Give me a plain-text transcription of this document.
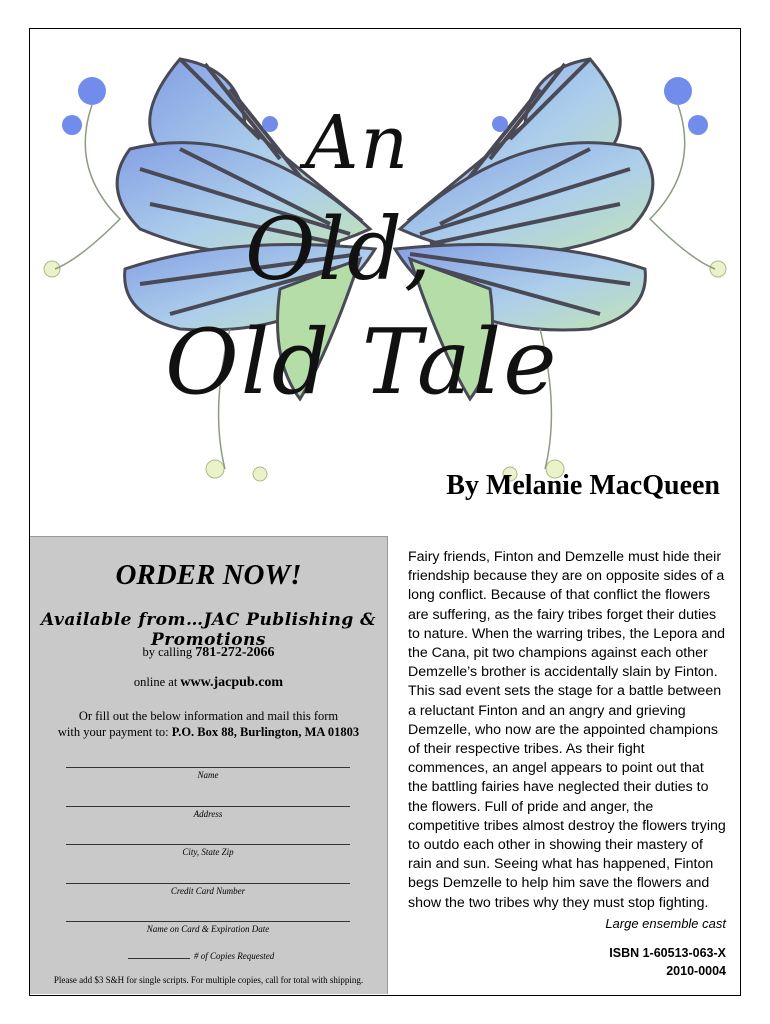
An
Old,
Old Tale
By Melanie MacQueen
ORDER NOW!
Available from…JAC Publishing & Promotions
by calling 781-272-2066
online at www.jacpub.com
Or fill out the below information and mail this form
with your payment to: P.O. Box 88, Burlington, MA 01803
Name
Address
City, State Zip
Credit Card Number
Name on Card & Expiration Date
# of Copies Requested
Please add $3 S&H for single scripts. For multiple copies, call for total with shipping.
Fairy friends, Finton and Demzelle must hide their friendship because they are on opposite sides of a long conflict. Because of that conflict the flowers are suffering, as the fairy tribes forget their duties to nature. When the warring tribes, the Lepora and the Cana, pit two champions against each other Demzelle’s brother is accidentally slain by Finton. This sad event sets the stage for a battle between a reluctant Finton and an angry and grieving Demzelle, who now are the appointed champions of their respective tribes. As their fight commences, an angel appears to point out that the battling fairies have neglected their duties to the flowers. Full of pride and anger, the competitive tribes almost destroy the flowers trying to outdo each other in showing their mastery of rain and sun. Seeing what has happened, Finton begs Demzelle to help him save the flowers and show the two tribes why they must stop fighting.
Large ensemble cast
ISBN 1-60513-063-X
2010-0004
